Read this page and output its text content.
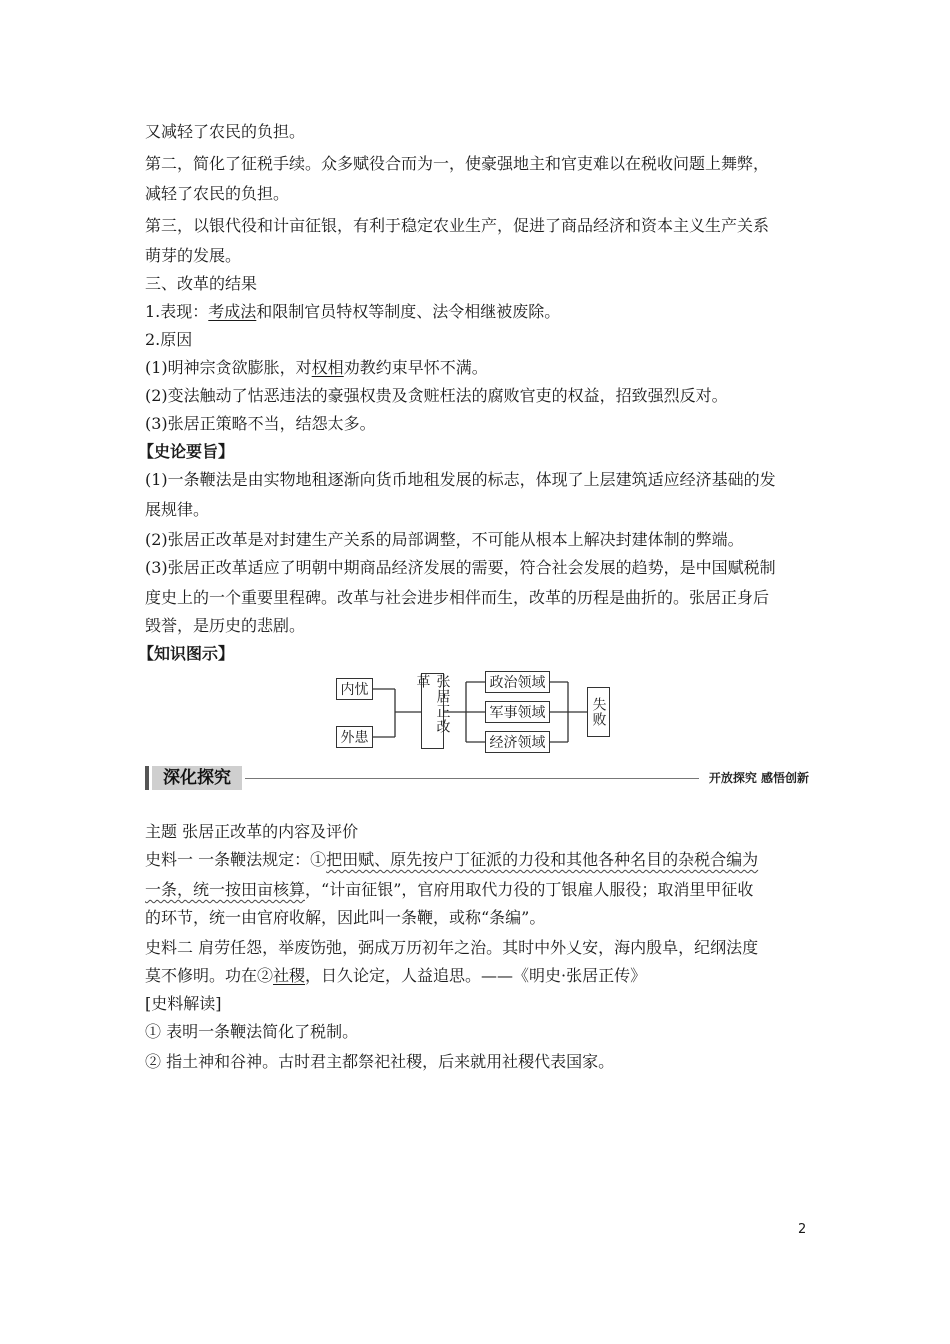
又减轻了农民的负担。
第二，简化了征税手续。众多赋役合而为一，使豪强地主和官吏难以在税收问题上舞弊，
减轻了农民的负担。
第三，以银代役和计亩征银，有利于稳定农业生产，促进了商品经济和资本主义生产关系
萌芽的发展。
三、改革的结果
1.表现：考成法和限制官员特权等制度、法令相继被废除。
2.原因
(1)明神宗贪欲膨胀，对权相劝教约束早怀不满。
(2)变法触动了怙恶违法的豪强权贵及贪赃枉法的腐败官吏的权益，招致强烈反对。
(3)张居正策略不当，结怨太多。
【史论要旨】
(1)一条鞭法是由实物地租逐渐向货币地租发展的标志，体现了上层建筑适应经济基础的发
展规律。
(2)张居正改革是对封建生产关系的局部调整，不可能从根本上解决封建体制的弊端。
(3)张居正改革适应了明朝中期商品经济发展的需要，符合社会发展的趋势，是中国赋税制
度史上的一个重要里程碑。改革与社会进步相伴而生，改革的历程是曲折的。张居正身后
毁誉，是历史的悲剧。
【知识图示】
内忧
外患
张居正改革	政治领域
军事领域
经济领域
失败
深化探究	开放探究 感悟创新
主题 张居正改革的内容及评价
史料一 一条鞭法规定：①把田赋、原先按户丁征派的力役和其他各种名目的杂税合编为
一条，统一按田亩核算，“计亩征银”，官府用取代力役的丁银雇人服役；取消里甲征收
的环节，统一由官府收解，因此叫一条鞭，或称“条编”。
史料二 肩劳任怨，举废饬弛，弼成万历初年之治。其时中外乂安，海内殷阜，纪纲法度
莫不修明。功在②社稷，日久论定，人益追思。——《明史·张居正传》
[史料解读]
① 表明一条鞭法简化了税制。
② 指土神和谷神。古时君主都祭祀社稷，后来就用社稷代表国家。
2
